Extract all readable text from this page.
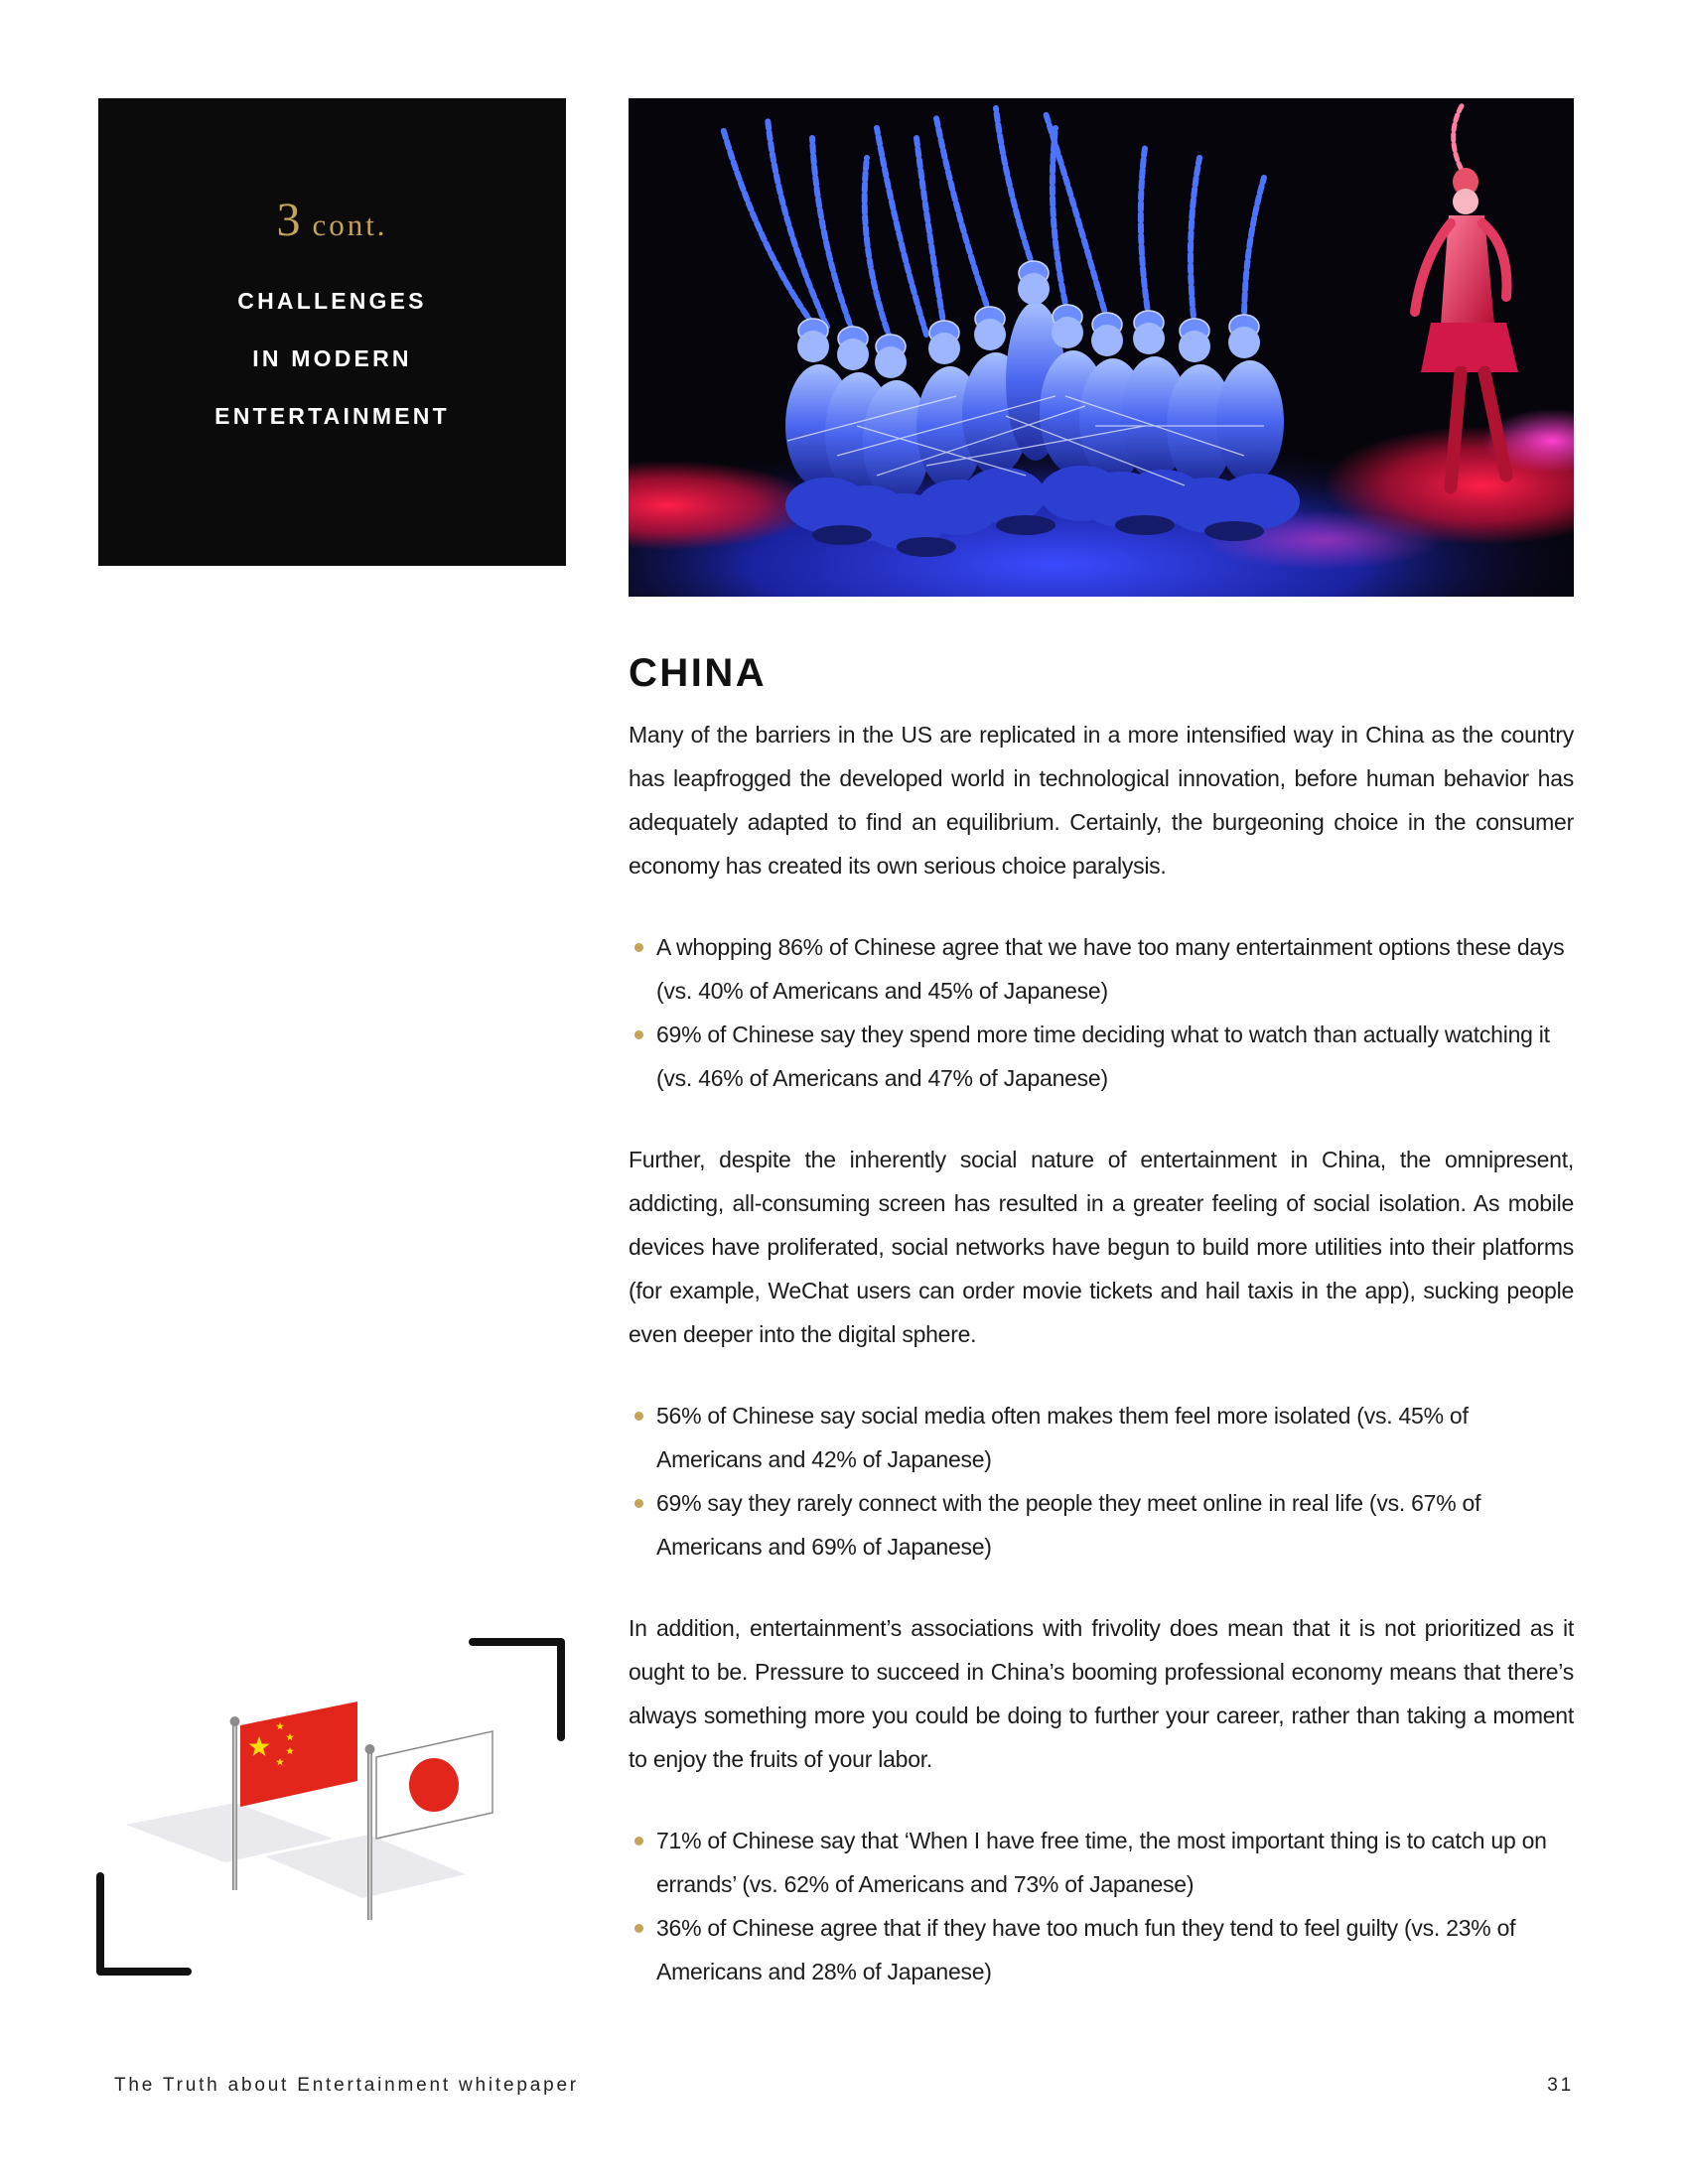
3 cont.
CHALLENGES
IN MODERN
ENTERTAINMENT
CHINA

Many of the barriers in the US are replicated in a more intensified way in China as the country has leapfrogged the developed world in technological innovation, before human behavior has adequately adapted to find an equilibrium. Certainly, the burgeoning choice in the consumer economy has created its own serious choice paralysis.

A whopping 86% of Chinese agree that we have too many entertainment options these days (vs. 40% of Americans and 45% of Japanese)
69% of Chinese say they spend more time deciding what to watch than actually watching it (vs. 46% of Americans and 47% of Japanese)

Further, despite the inherently social nature of entertainment in China, the omnipresent, addicting, all-consuming screen has resulted in a greater feeling of social isolation. As mobile devices have proliferated, social networks have begun to build more utilities into their platforms (for example, WeChat users can order movie tickets and hail taxis in the app), sucking people even deeper into the digital sphere.

56% of Chinese say social media often makes them feel more isolated (vs. 45% of Americans and 42% of Japanese)
69% say they rarely connect with the people they meet online in real life (vs. 67% of Americans and 69% of Japanese)

In addition, entertainment’s associations with frivolity does mean that it is not prioritized as it ought to be. Pressure to succeed in China’s booming professional economy means that there’s always something more you could be doing to further your career, rather than taking a moment to enjoy the fruits of your labor.

71% of Chinese say that ‘When I have free time, the most important thing is to catch up on errands’ (vs. 62% of Americans and 73% of Japanese)
36% of Chinese agree that if they have too much fun they tend to feel guilty (vs. 23% of Americans and 28% of Japanese)
The Truth about Entertainment whitepaper	31
